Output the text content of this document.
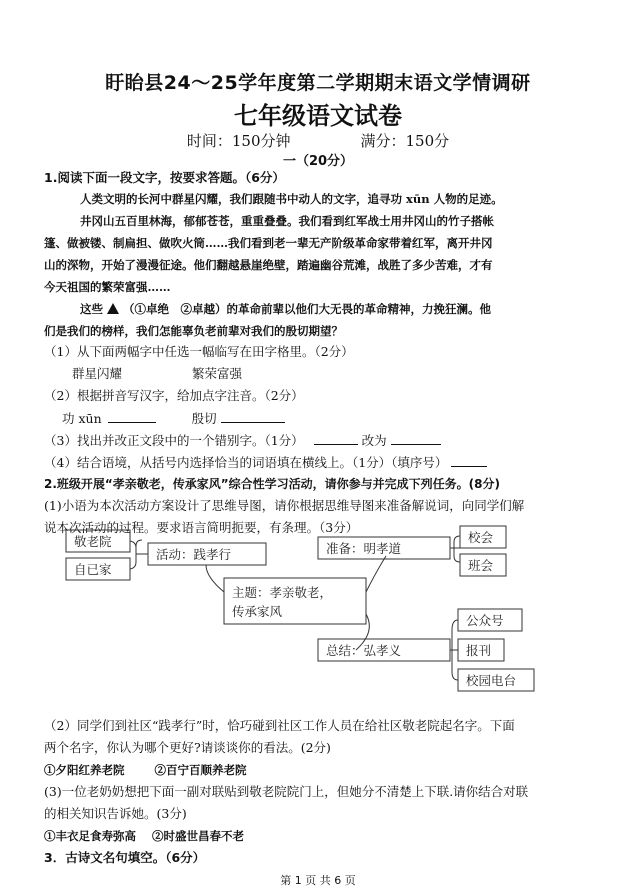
盱眙县24～25学年度第二学期期末语文学情调研
七年级语文试卷
时间：150分钟	满分：150分
一（20分）
1.阅读下面一段文字，按要求答题。（6分）
人类文明的长河中群星闪耀，我们跟随书中动人的文字，追寻功 xūn 人物的足迹。
井冈山五百里林海，郁郁苍苍，重重叠叠。我们看到红军战士用井冈山的竹子搭帐
篷、做被镂、制扁担、做吹火筒……我们看到老一辈无产阶级革命家带着红军，离开井冈
山的深物，开始了漫漫征途。他们翻越悬崖绝壁，踏遍幽谷荒滩，战胜了多少苦难，才有
今天祖国的繁荣富强……
这些 （①卓绝　②卓越）的革命前辈以他们大无畏的革命精神，力挽狂澜。他
们是我们的榜样，我们怎能辜负老前辈对我们的殷切期望？
（1）从下面两幅字中任选一幅临写在田字格里。（2分）
群星闪耀	繁荣富强
（2）根据拼音写汉字，给加点字注音。（2分）
功 xūn	殷切
（3）找出并改正文段中的一个错别字。（1分）	改为
（4）结合语境，从括号内选择恰当的词语填在横线上。（1分）（填序号）
2.班级开展“孝亲敬老，传承家风”综合性学习活动，请你参与并完成下列任务。(8分)
(1)小语为本次活动方案设计了思维导图，请你根据思维导图来准备解说词，向同学们解
说本次活动的过程。要求语言简明扼要，有条理。（3分）
敬老院
自已家
活动：践孝行
主题：孝亲敬老，
传承家风
准备：明孝道
校会
班会
总结：弘孝义
公众号
报刊
校园电台
（2）同学们到社区“践孝行”时，恰巧碰到社区工作人员在给社区敬老院起名字。下面
两个名字，你认为哪个更好?请谈谈你的看法。(2分)
①夕阳红养老院	②百宁百顺养老院
(3)一位老奶奶想把下面一副对联贴到敬老院院门上，但她分不清楚上下联.请你结合对联
的相关知识告诉她。(3分)
①丰衣足食寿弥高 ②时盛世昌春不老
3．古诗文名句填空。（6分）
第 1 页 共 6 页
